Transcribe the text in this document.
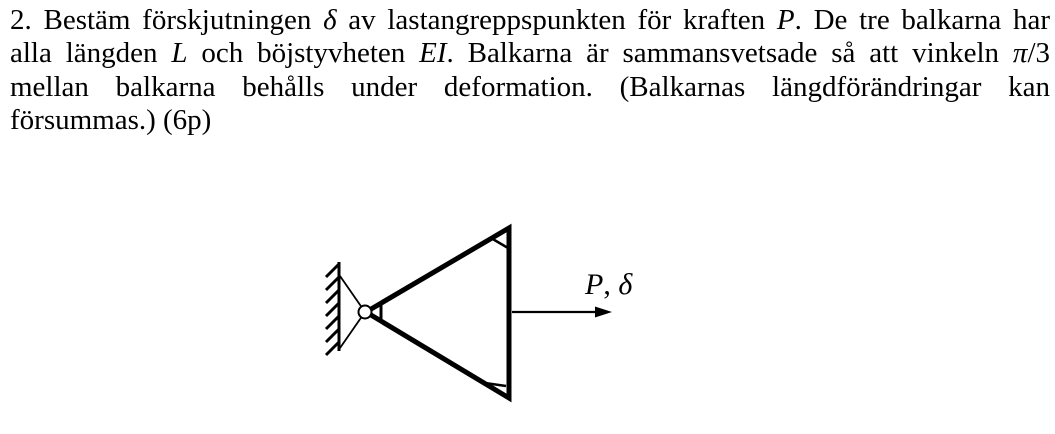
2. Bestäm förskjutningen δ av lastangreppspunkten för kraften P. De tre balkarna har
alla längden L och böjstyvheten EI. Balkarna är sammansvetsade så att vinkeln π/3
mellan balkarna behålls under deformation. (Balkarnas längdförändringar kan
försummas.) (6p)
P, δ
